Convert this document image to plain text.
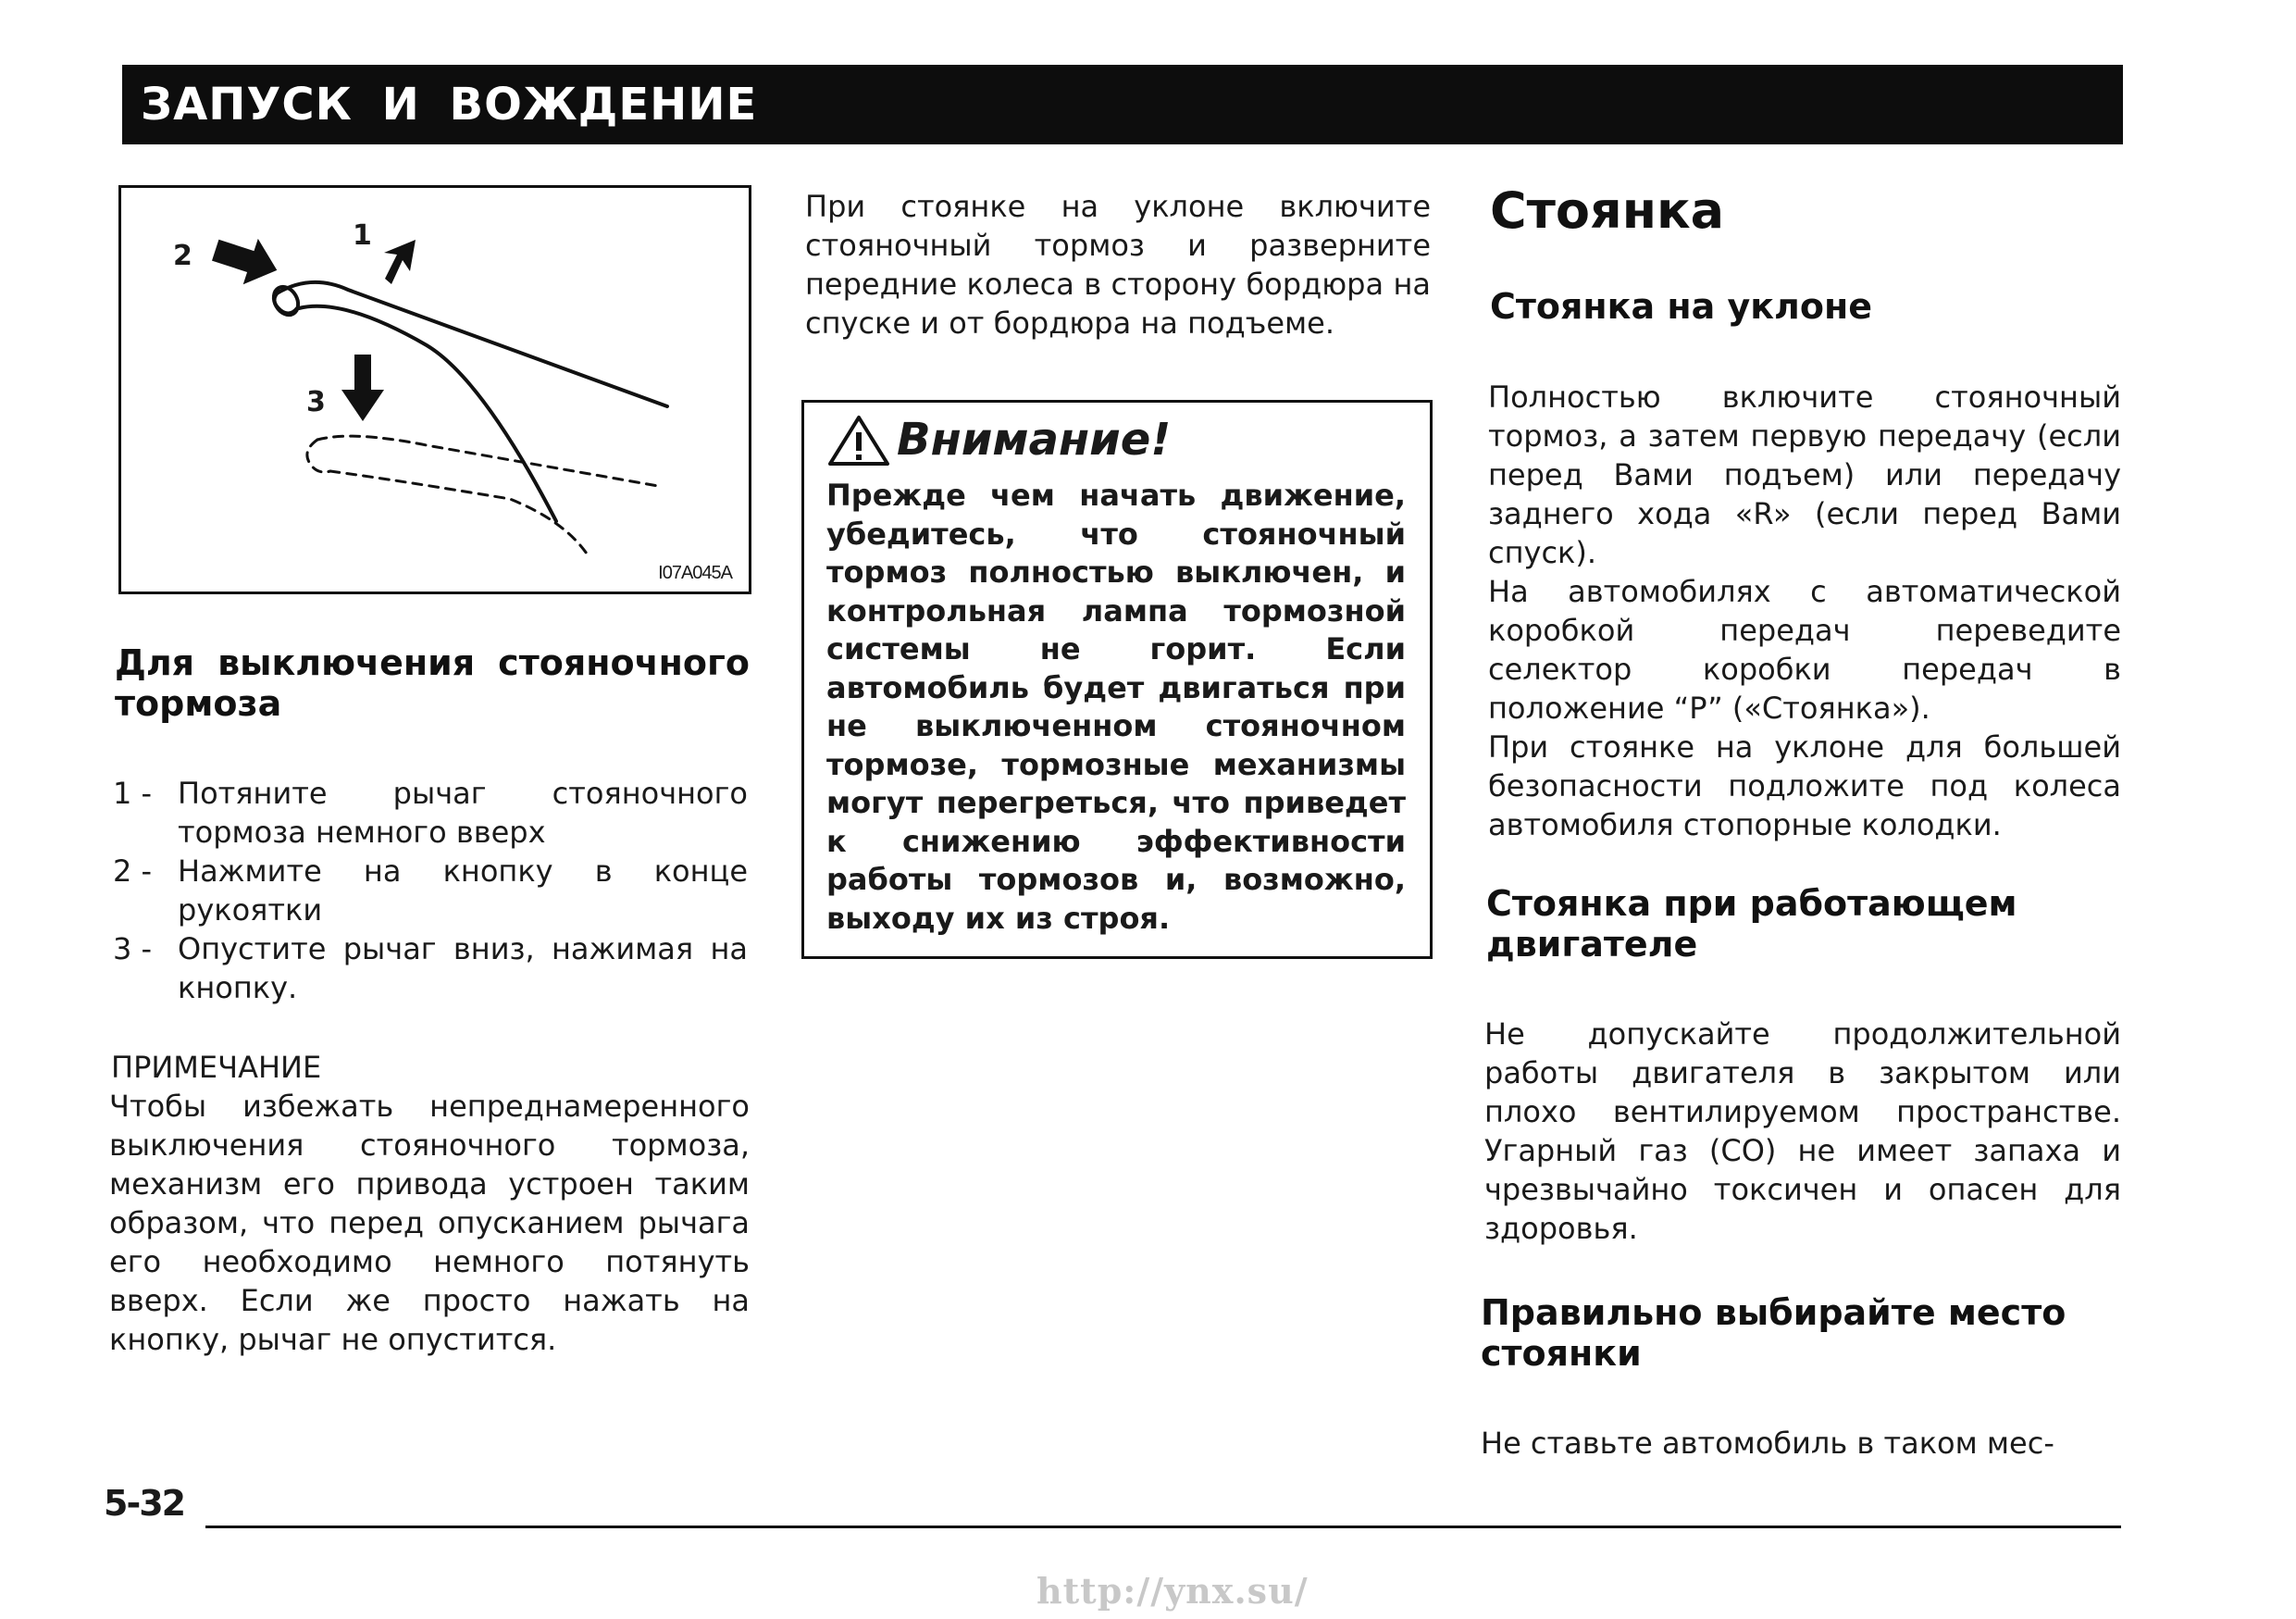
ЗАПУСК И ВОЖДЕНИЕ
1
2
3
I07A045A
Для выключения стояночного тормоза
1 - Потяните рычаг стояночного тормоза немного вверх
2 - Нажмите на кнопку в конце рукоятки
3 - Опустите рычаг вниз, нажимая на кнопку.
ПРИМЕЧАНИЕ

Чтобы избежать непреднамеренного выключения стояночного тормоза, механизм его привода устроен таким образом, что перед опусканием рычага его необходимо немного потянуть вверх. Если же просто нажать на кнопку, рычаг не опустится.

При стоянке на уклоне включите стояночный тормоз и разверните передние колеса в сторону бордюра на спуске и от бордюра на подъеме.

Внимание!

Прежде чем начать движение, убедитесь, что стояночный тормоз полностью выключен, и контрольная лампа тормозной системы не горит. Если автомобиль будет двигаться при не выключенном стояночном тормозе, тормозные механизмы могут перегреться, что приведет к снижению эффективности работы тормозов и, возможно, выходу их из строя.

Стоянка
Стоянка на уклоне

Полностью включите стояночный тормоз, а затем первую передачу (если перед Вами подъем) или передачу заднего хода «R» (если перед Вами спуск).

На автомобилях с автоматической коробкой передач переведите селектор коробки передач в положение “P” («Стоянка»).

При стоянке на уклоне для большей безопасности подложите под колеса автомобиля стопорные колодки.

Стоянка при работающем двигателе

Не допускайте продолжительной работы двигателя в закрытом или плохо вентилируемом пространстве. Угарный газ (CO) не имеет запаха и чрезвычайно токсичен и опасен для здоровья.

Правильно выбирайте место стоянки

Не ставьте автомобиль в таком мес-

5-32
http://ynx.su/
